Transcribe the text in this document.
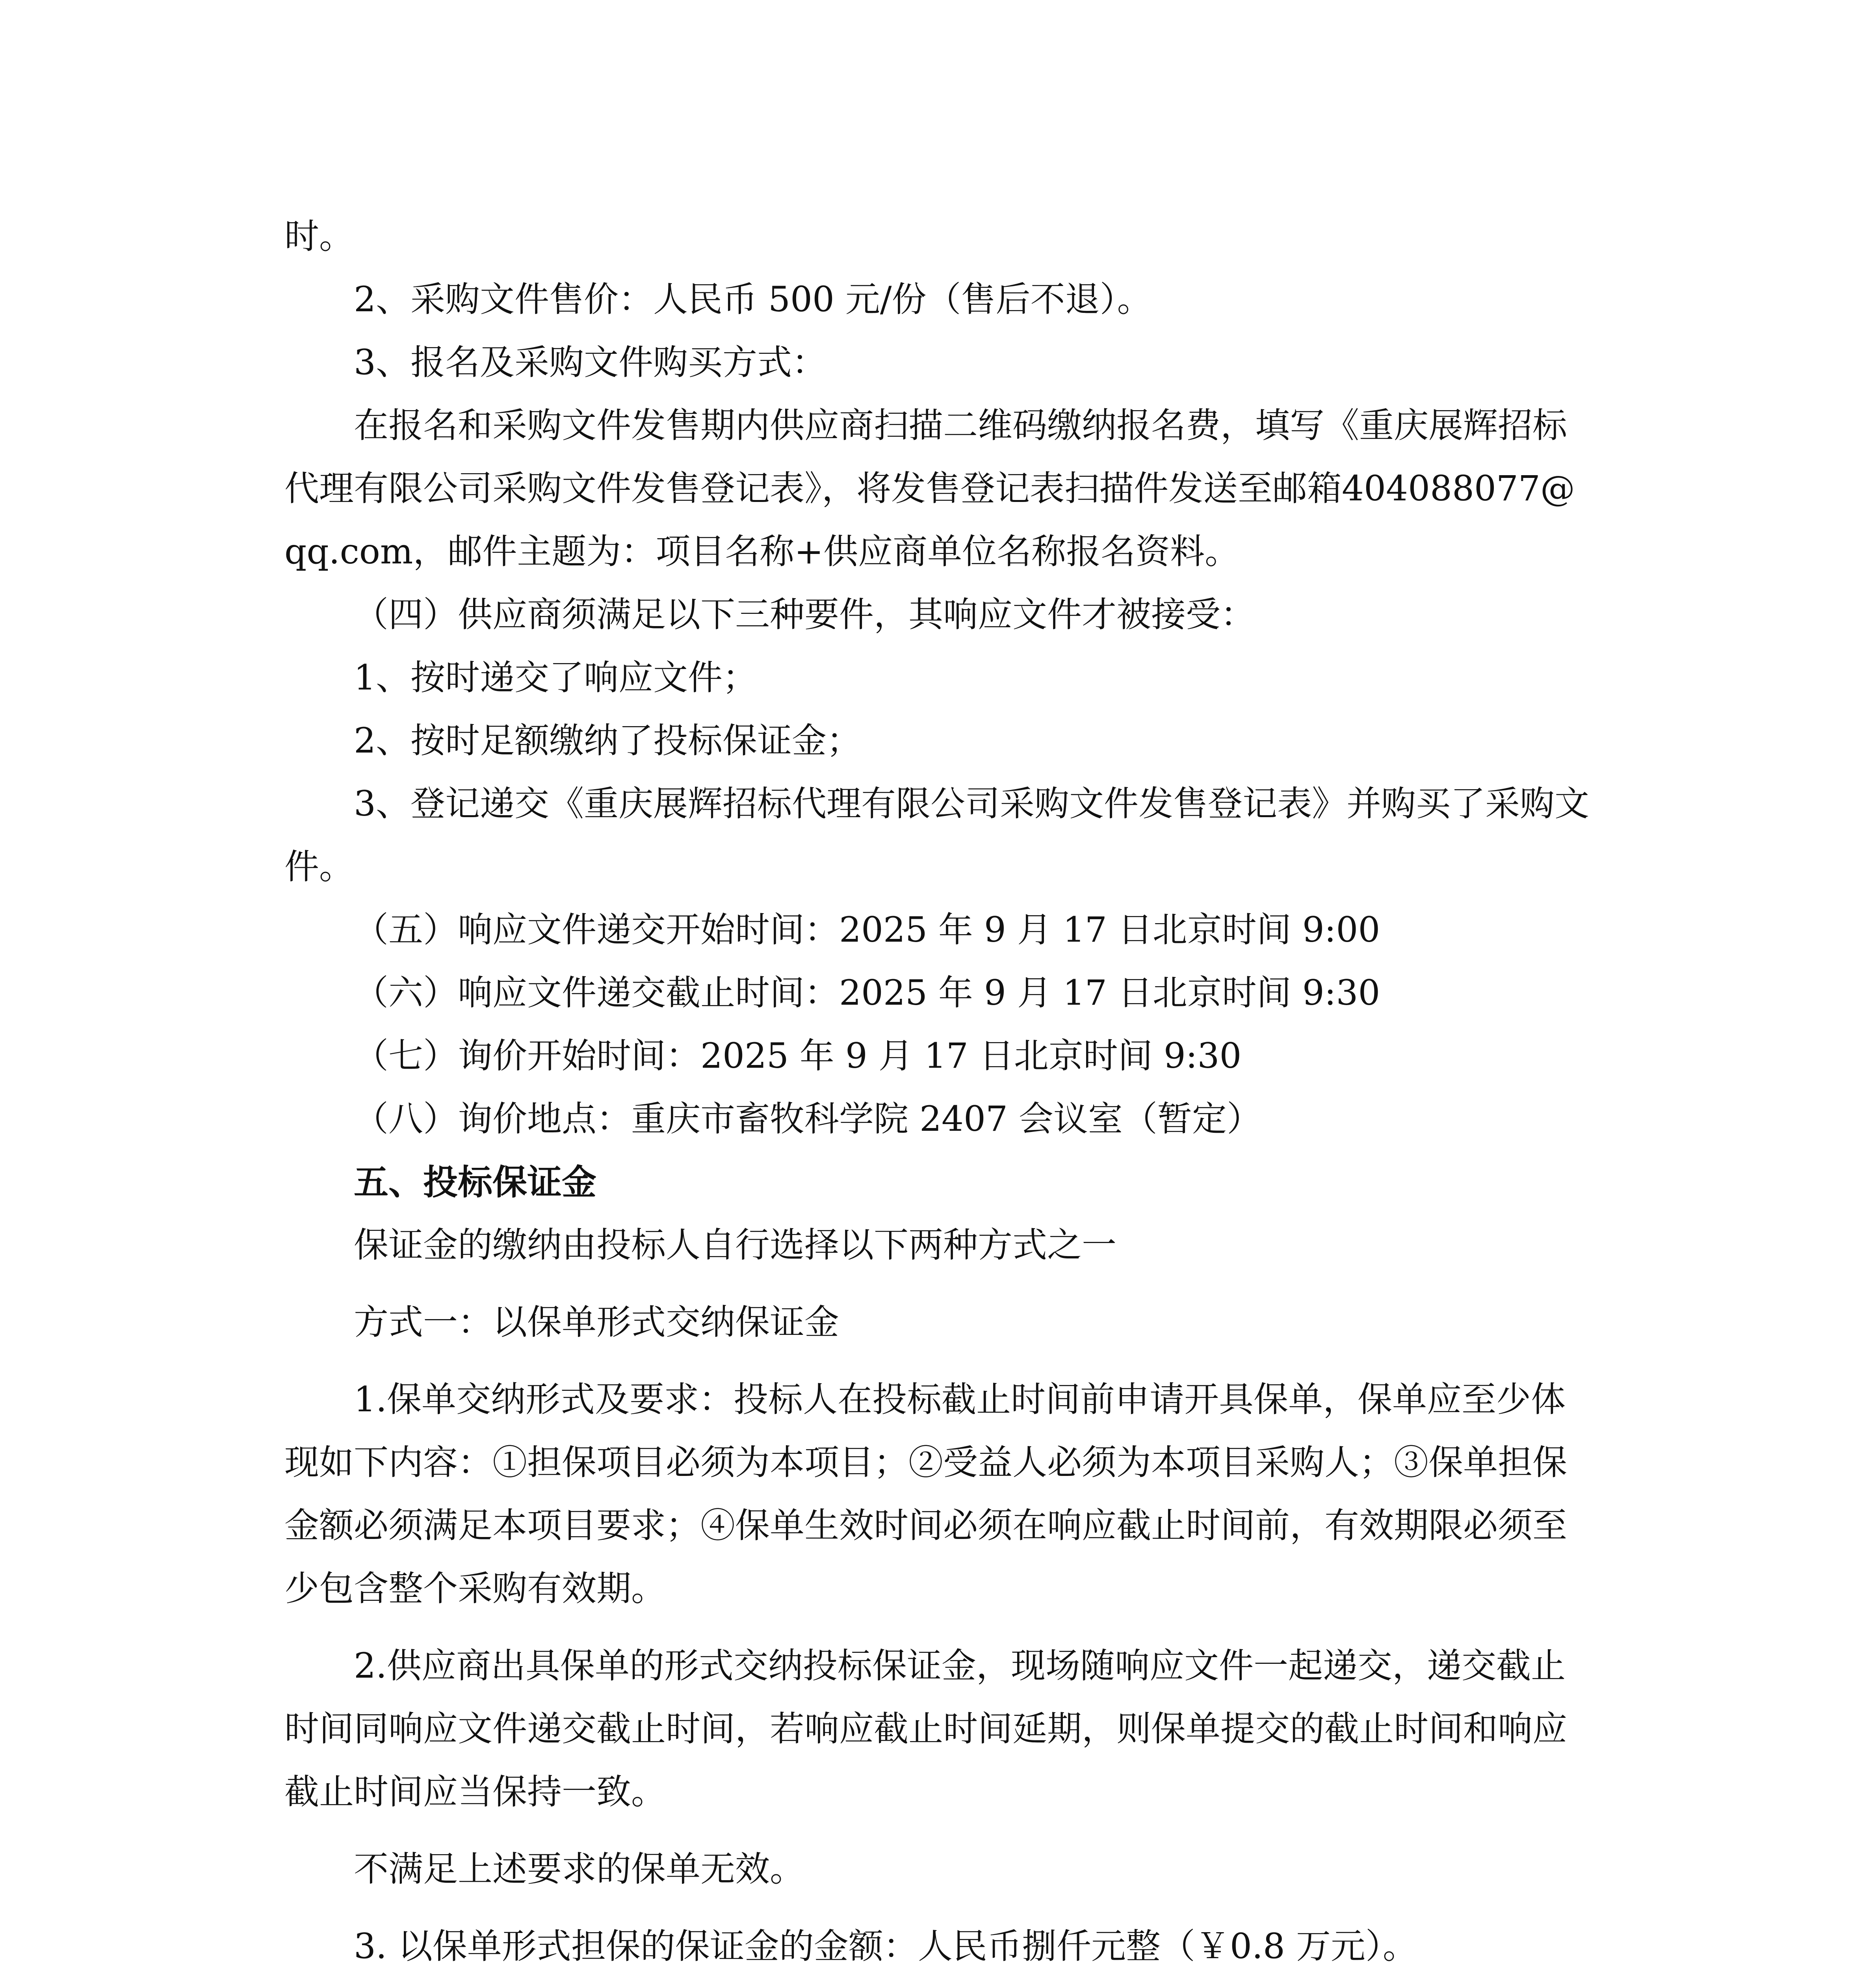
时。

2、采购文件售价：人民币 500 元/份（售后不退）。

3、报名及采购文件购买方式：

在报名和采购文件发售期内供应商扫描二维码缴纳报名费，填写《重庆展辉招标代理有限公司采购文件发售登记表》，将发售登记表扫描件发送至邮箱404088077@qq.com，邮件主题为：项目名称+供应商单位名称报名资料。

（四）供应商须满足以下三种要件，其响应文件才被接受：

1、按时递交了响应文件；

2、按时足额缴纳了投标保证金；

3、登记递交《重庆展辉招标代理有限公司采购文件发售登记表》并购买了采购文件。

（五）响应文件递交开始时间：2025 年 9 月 17 日北京时间 9:00

（六）响应文件递交截止时间：2025 年 9 月 17 日北京时间 9:30

（七）询价开始时间：2025 年 9 月 17 日北京时间 9:30

（八）询价地点：重庆市畜牧科学院 2407 会议室（暂定）

五、投标保证金

保证金的缴纳由投标人自行选择以下两种方式之一

方式一：以保单形式交纳保证金

1.保单交纳形式及要求：投标人在投标截止时间前申请开具保单，保单应至少体现如下内容：①担保项目必须为本项目；②受益人必须为本项目采购人；③保单担保金额必须满足本项目要求；④保单生效时间必须在响应截止时间前，有效期限必须至少包含整个采购有效期。

2.供应商出具保单的形式交纳投标保证金，现场随响应文件一起递交，递交截止时间同响应文件递交截止时间，若响应截止时间延期，则保单提交的截止时间和响应截止时间应当保持一致。

不满足上述要求的保单无效。

3. 以保单形式担保的保证金的金额：人民币捌仟元整（￥0.8 万元）。
